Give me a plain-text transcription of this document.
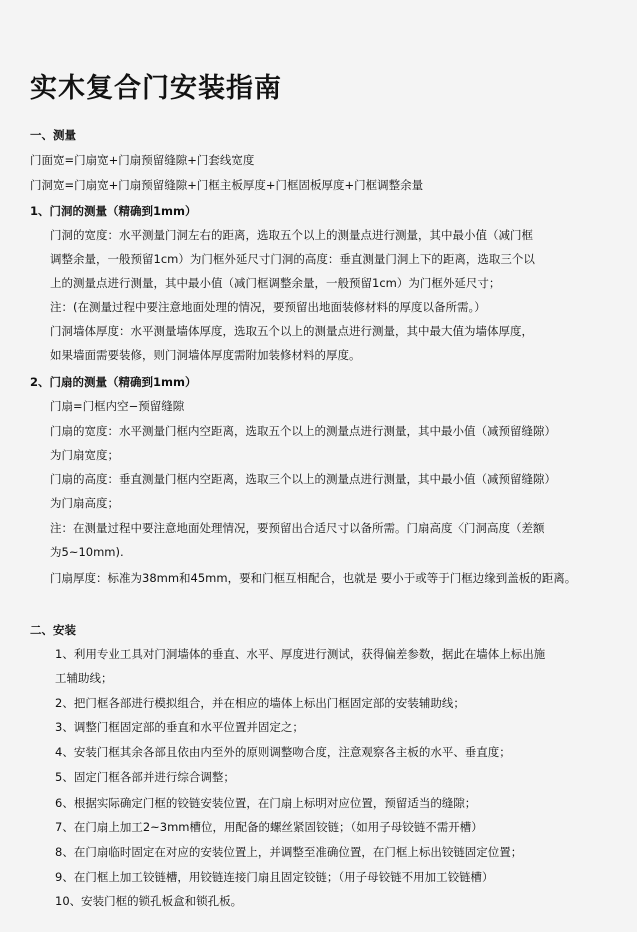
实木复合门安装指南
一、测量
门面宽=门扇宽+门扇预留缝隙+门套线宽度
门洞宽=门扇宽+门扇预留缝隙+门框主板厚度+门框固板厚度+门框调整余量
1、门洞的测量（精确到1mm）
门洞的宽度：水平测量门洞左右的距离，选取五个以上的测量点进行测量，其中最小值（减门框
调整余量，一般预留1cm）为门框外延尺寸门洞的高度：垂直测量门洞上下的距离，选取三个以
上的测量点进行测量，其中最小值（减门框调整余量，一般预留1cm）为门框外延尺寸；
注：(在测量过程中要注意地面处理的情况，要预留出地面装修材料的厚度以备所需。）
门洞墙体厚度：水平测量墙体厚度，选取五个以上的测量点进行测量，其中最大值为墙体厚度，
如果墙面需要装修，则门洞墙体厚度需附加装修材料的厚度。
2、门扇的测量（精确到1mm）
门扇=门框内空−预留缝隙
门扇的宽度：水平测量门框内空距离，选取五个以上的测量点进行测量，其中最小值（减预留缝隙）
为门扇宽度；
门扇的高度：垂直测量门框内空距离，选取三个以上的测量点进行测量，其中最小值（减预留缝隙）
为门扇高度；
注：在测量过程中要注意地面处理情况，要预留出合适尺寸以备所需。门扇高度〈门洞高度（差额
为5~10mm).
门扇厚度：标准为38mm和45mm，要和门框互相配合，也就是 要小于或等于门框边缘到盖板的距离。
二、安装
1、利用专业工具对门洞墙体的垂直、水平、厚度进行测试，获得偏差参数，据此在墙体上标出施
工辅助线；
2、把门框各部进行模拟组合，并在相应的墙体上标出门框固定部的安装辅助线；
3、调整门框固定部的垂直和水平位置并固定之；
4、安装门框其余各部且依由内至外的原则调整吻合度，注意观察各主板的水平、垂直度；
5、固定门框各部并进行综合调整；
6、根据实际确定门框的铰链安装位置，在门扇上标明对应位置，预留适当的缝隙；
7、在门扇上加工2~3mm槽位，用配备的螺丝紧固铰链；（如用子母铰链不需开槽）
8、在门扇临时固定在对应的安装位置上，并调整至准确位置，在门框上标出铰链固定位置；
9、在门框上加工铰链槽，用铰链连接门扇且固定铰链；（用子母铰链不用加工铰链槽）
10、安装门框的锁孔板盒和锁孔板。
